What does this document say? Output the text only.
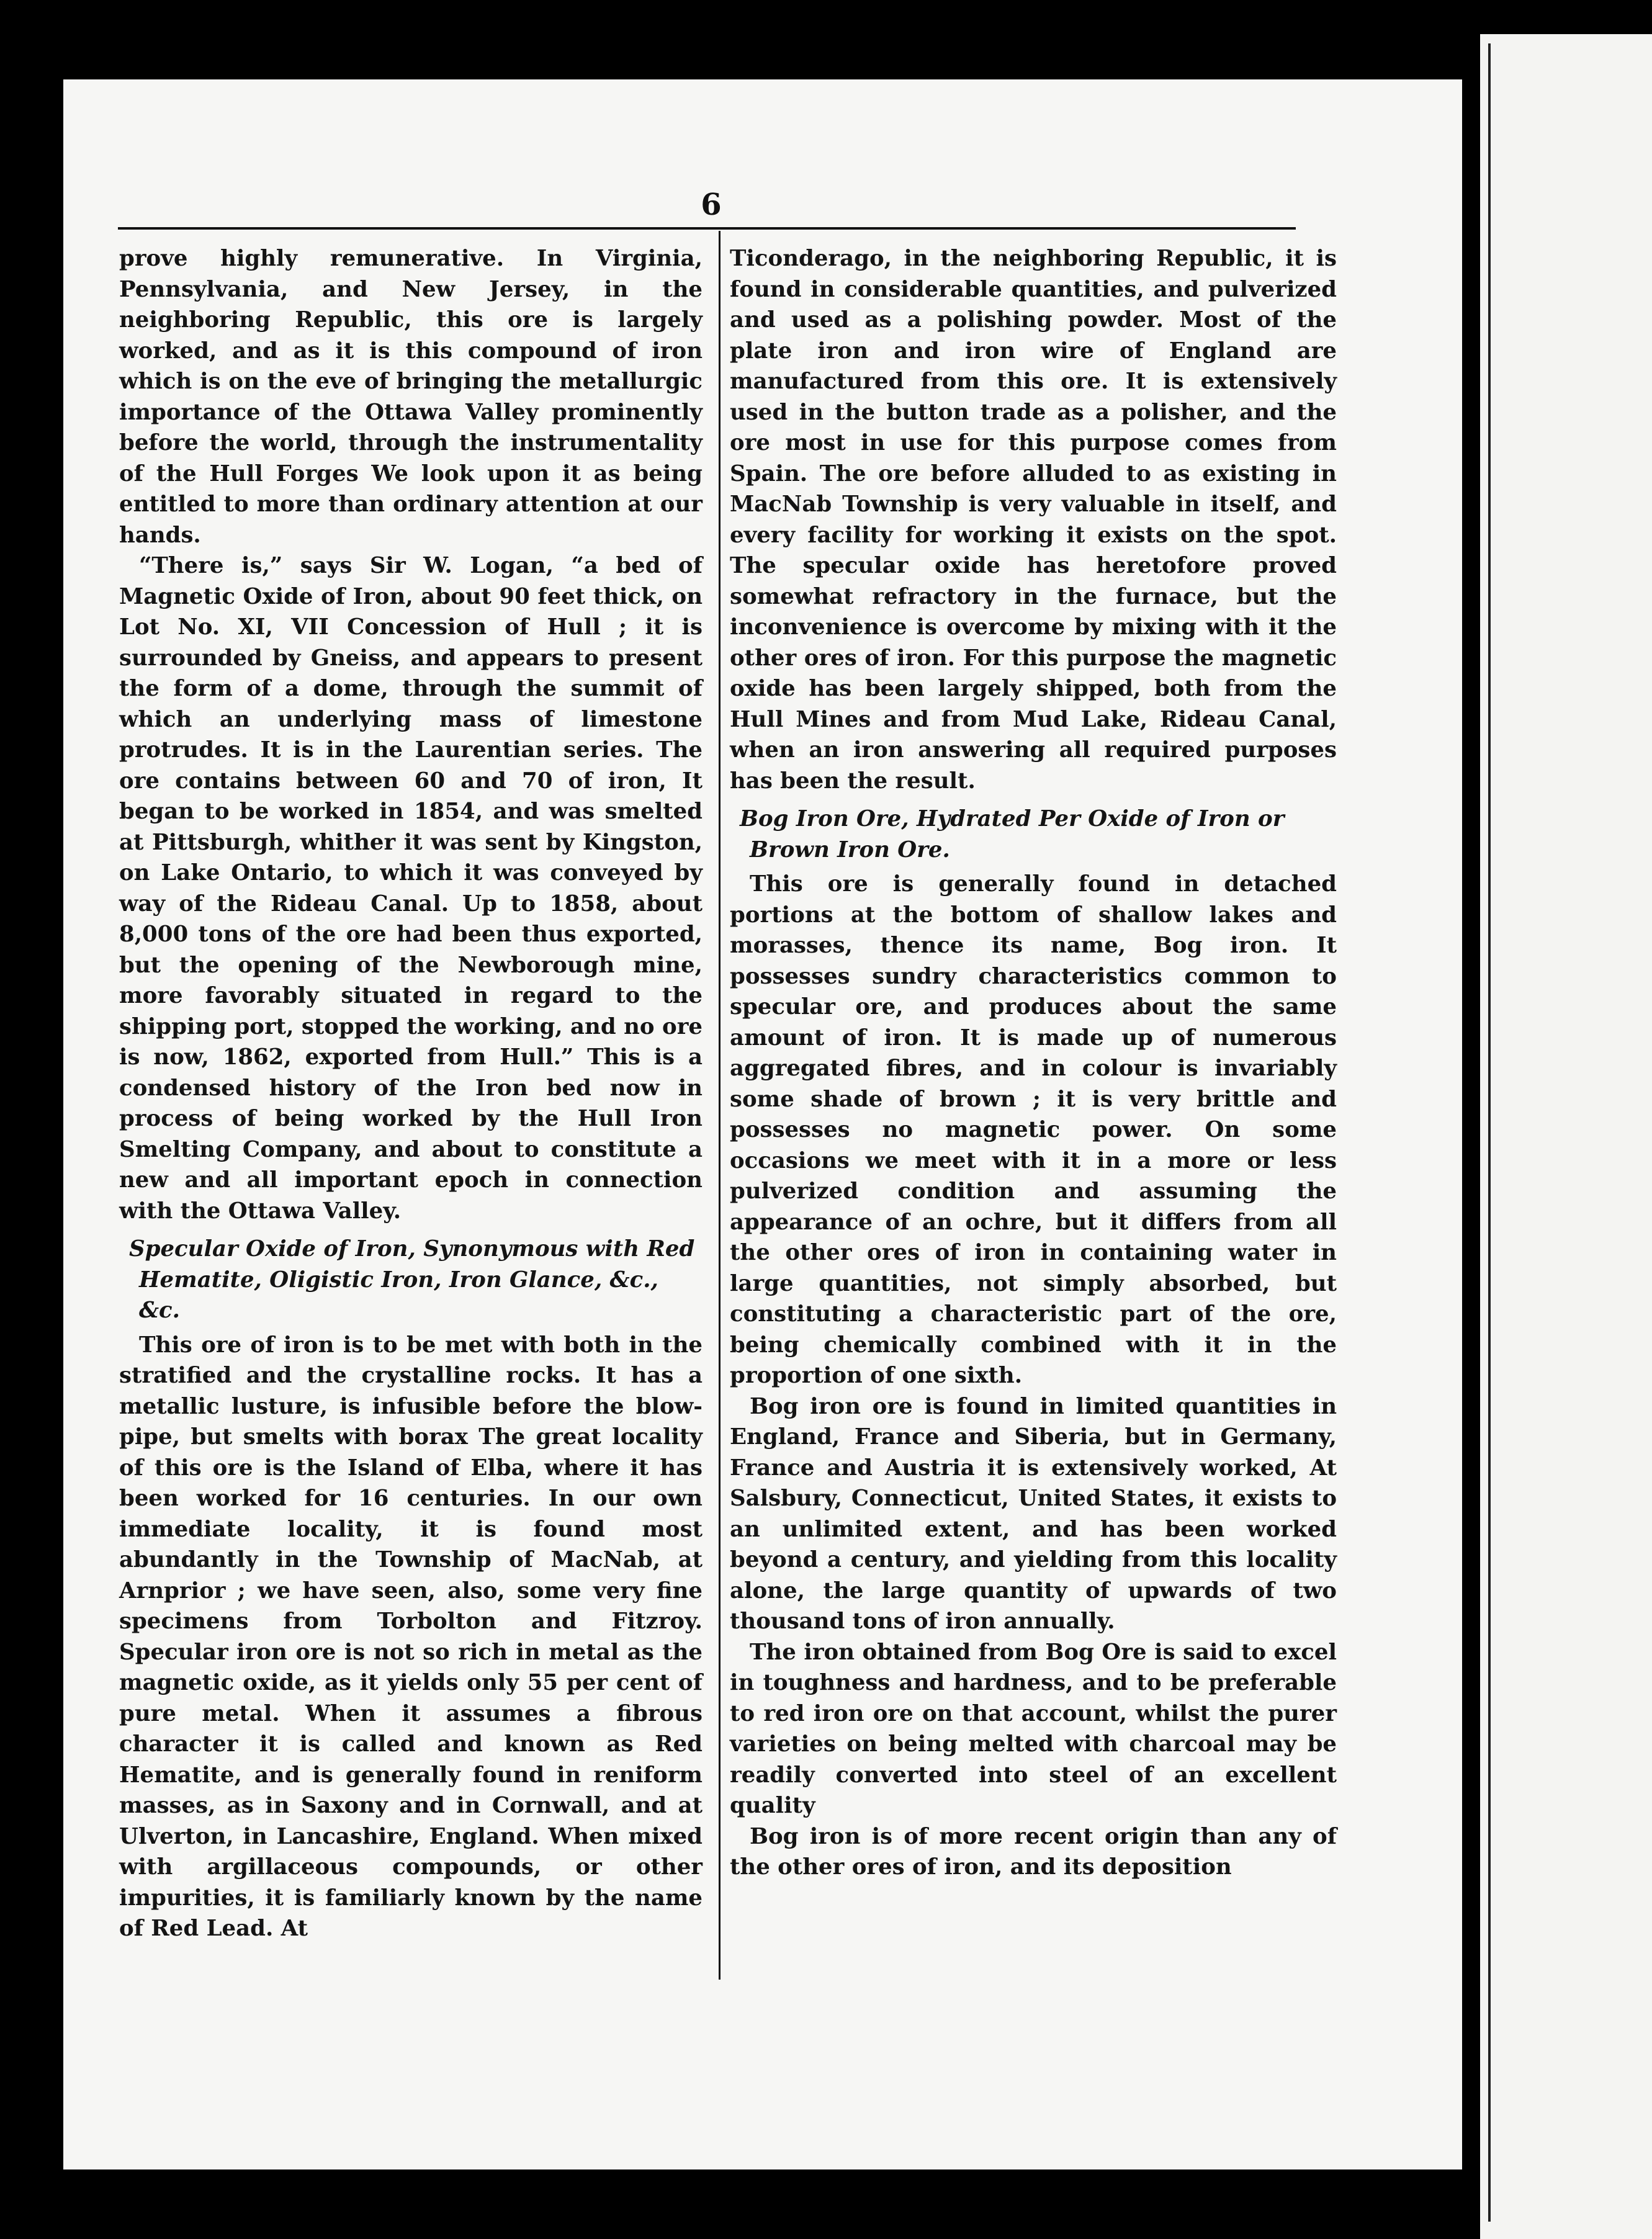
6

prove highly remunerative. In Virginia, Pennsylvania, and New Jersey, in the neighboring Republic, this ore is largely worked, and as it is this compound of iron which is on the eve of bringing the metallurgic importance of the Ottawa Valley prominently before the world, through the instrumentality of the Hull Forges We look upon it as being entitled to more than ordinary attention at our hands.

“There is,” says Sir W. Logan, “a bed of Magnetic Oxide of Iron, about 90 feet thick, on Lot No. XI, VII Concession of Hull ; it is surrounded by Gneiss, and appears to present the form of a dome, through the summit of which an underlying mass of limestone protrudes. It is in the Laurentian series. The ore contains between 60 and 70 of iron, It began to be worked in 1854, and was smelted at Pittsburgh, whither it was sent by Kingston, on Lake Ontario, to which it was conveyed by way of the Rideau Canal. Up to 1858, about 8,000 tons of the ore had been thus exported, but the opening of the Newborough mine, more favorably situated in regard to the shipping port, stopped the working, and no ore is now, 1862, exported from Hull.” This is a condensed history of the Iron bed now in process of being worked by the Hull Iron Smelting Company, and about to constitute a new and all important epoch in connection with the Ottawa Valley.

Specular Oxide of Iron, Synonymous with Red Hematite, Oligistic Iron, Iron Glance, &c., &c.

This ore of iron is to be met with both in the stratified and the crystalline rocks. It has a metallic lusture, is infusible before the blow-pipe, but smelts with borax The great locality of this ore is the Island of Elba, where it has been worked for 16 centuries. In our own immediate locality, it is found most abundantly in the Township of MacNab, at Arnprior ; we have seen, also, some very fine specimens from Torbolton and Fitzroy. Specular iron ore is not so rich in metal as the magnetic oxide, as it yields only 55 per cent of pure metal. When it assumes a fibrous character it is called and known as Red Hematite, and is generally found in reniform masses, as in Saxony and in Cornwall, and at Ulverton, in Lancashire, England. When mixed with argillaceous compounds, or other impurities, it is familiarly known by the name of Red Lead. At

Ticonderago, in the neighboring Republic, it is found in considerable quantities, and pulverized and used as a polishing powder. Most of the plate iron and iron wire of England are manufactured from this ore. It is extensively used in the button trade as a polisher, and the ore most in use for this purpose comes from Spain. The ore before alluded to as existing in MacNab Township is very valuable in itself, and every facility for working it exists on the spot. The specular oxide has heretofore proved somewhat refractory in the furnace, but the inconvenience is overcome by mixing with it the other ores of iron. For this purpose the magnetic oxide has been largely shipped, both from the Hull Mines and from Mud Lake, Rideau Canal, when an iron answering all required purposes has been the result.

Bog Iron Ore, Hydrated Per Oxide of Iron or Brown Iron Ore.

This ore is generally found in detached portions at the bottom of shallow lakes and morasses, thence its name, Bog iron. It possesses sundry characteristics common to specular ore, and produces about the same amount of iron. It is made up of numerous aggregated fibres, and in colour is invariably some shade of brown ; it is very brittle and possesses no magnetic power. On some occasions we meet with it in a more or less pulverized condition and assuming the appearance of an ochre, but it differs from all the other ores of iron in containing water in large quantities, not simply absorbed, but constituting a characteristic part of the ore, being chemically combined with it in the proportion of one sixth.

Bog iron ore is found in limited quantities in England, France and Siberia, but in Germany, France and Austria it is extensively worked, At Salsbury, Connecticut, United States, it exists to an unlimited extent, and has been worked beyond a century, and yielding from this locality alone, the large quantity of upwards of two thousand tons of iron annually.

The iron obtained from Bog Ore is said to excel in toughness and hardness, and to be preferable to red iron ore on that account, whilst the purer varieties on being melted with charcoal may be readily converted into steel of an excellent quality

Bog iron is of more recent origin than any of the other ores of iron, and its deposition
